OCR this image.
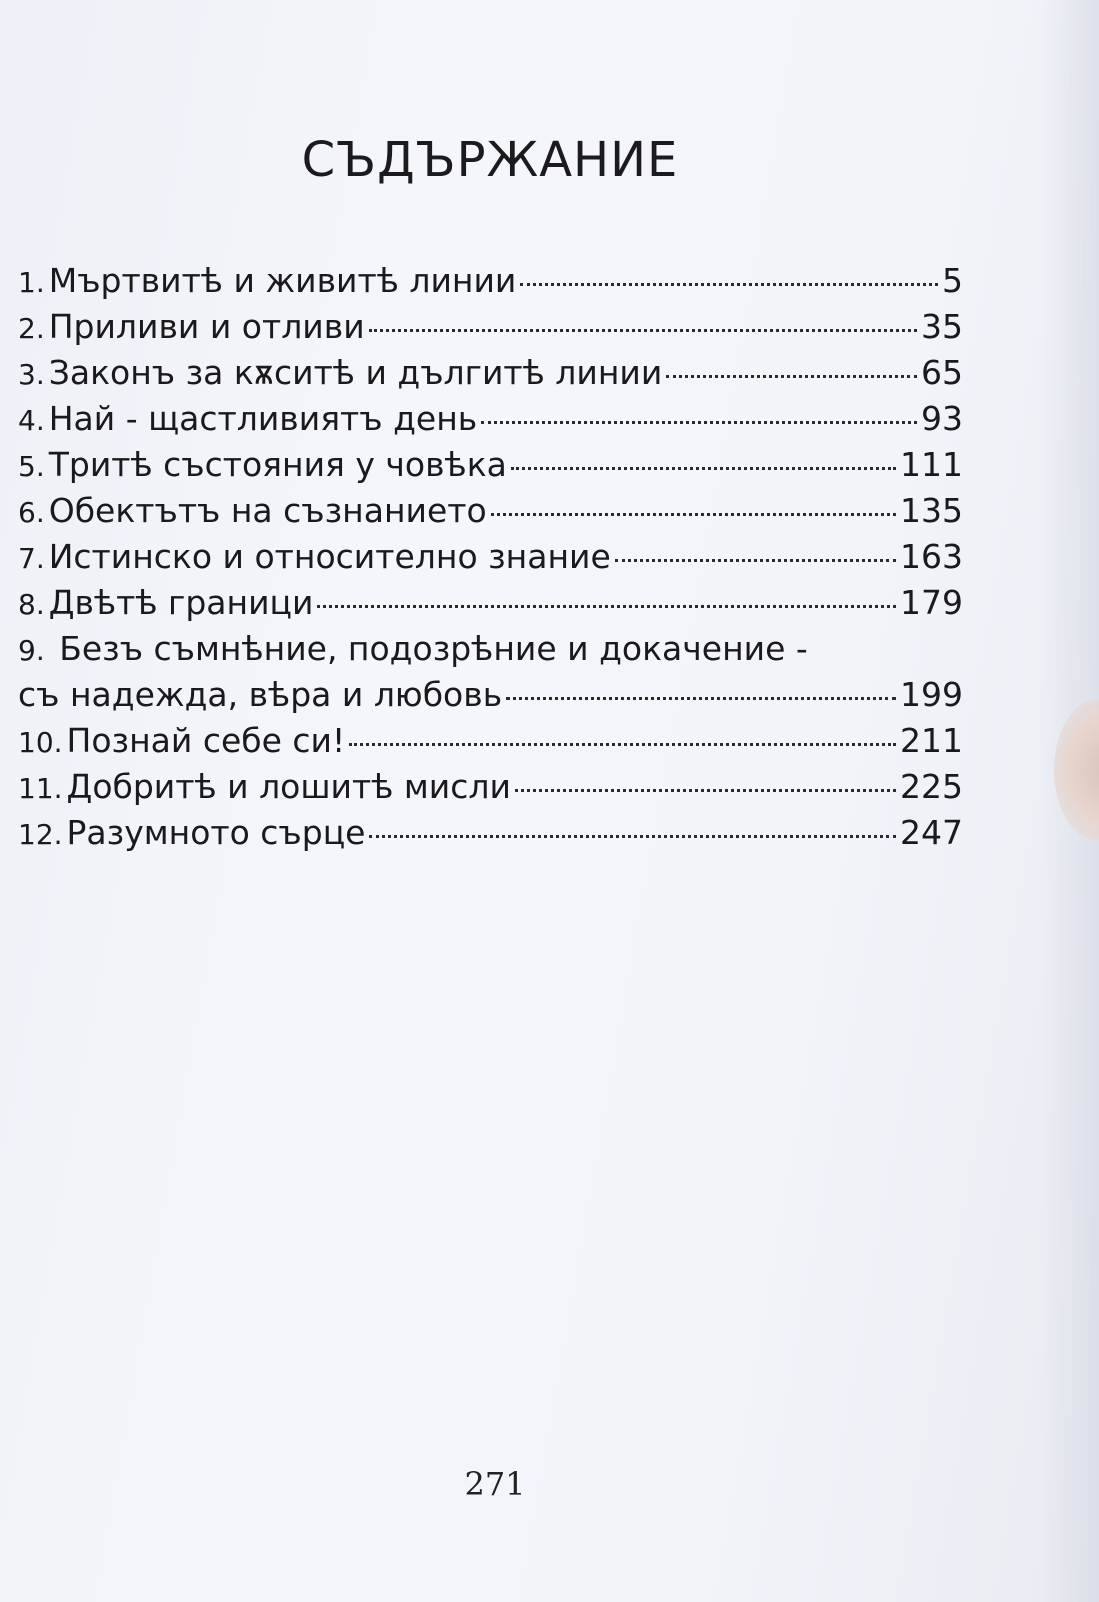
СЪДЪРЖАНИЕ
1. Мъртвитѣ и живитѣ линии	5
2. Приливи и отливи	35
3. Законъ за кѫситѣ и дългитѣ линии	65
4. Най - щастливиятъ день	93
5. Тритѣ състояния у човѣка	111
6. Обектътъ на съзнанието	135
7. Истинско и относително знание	163
8. Двѣтѣ граници	179
9. Безъ съмнѣние, подозрѣние и докачение -
съ надежда, вѣра и любовь	199
10. Познай себе си!	211
11. Добритѣ и лошитѣ мисли	225
12. Разумното сърце	247
271
